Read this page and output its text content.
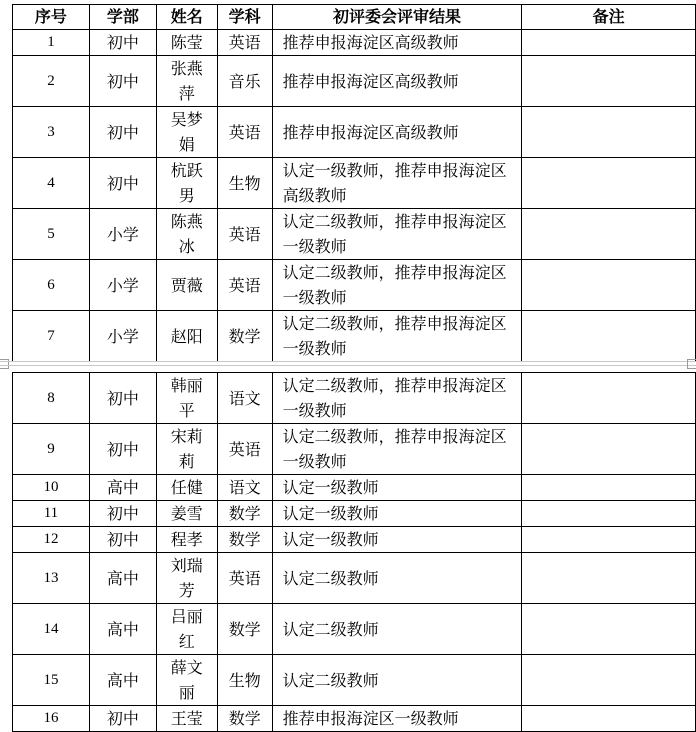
序号	学部	姓名	学科	初评委会评审结果	备注
1	初中	陈莹	英语	推荐申报海淀区高级教师	
2	初中	张燕萍	音乐	推荐申报海淀区高级教师	
3	初中	吴梦娟	英语	推荐申报海淀区高级教师	
4	初中	杭跃男	生物	认定一级教师，推荐申报海淀区高级教师	
5	小学	陈燕冰	英语	认定二级教师，推荐申报海淀区一级教师	
6	小学	贾薇	英语	认定二级教师，推荐申报海淀区一级教师	
7	小学	赵阳	数学	认定二级教师，推荐申报海淀区一级教师	
8	初中	韩丽平	语文	认定二级教师，推荐申报海淀区一级教师	
9	初中	宋莉莉	英语	认定二级教师，推荐申报海淀区一级教师	
10	高中	任健	语文	认定一级教师	
11	初中	姜雪	数学	认定一级教师	
12	初中	程孝	数学	认定一级教师	
13	高中	刘瑞芳	英语	认定二级教师	
14	高中	吕丽红	数学	认定二级教师	
15	高中	薛文丽	生物	认定二级教师	
16	初中	王莹	数学	推荐申报海淀区一级教师	
